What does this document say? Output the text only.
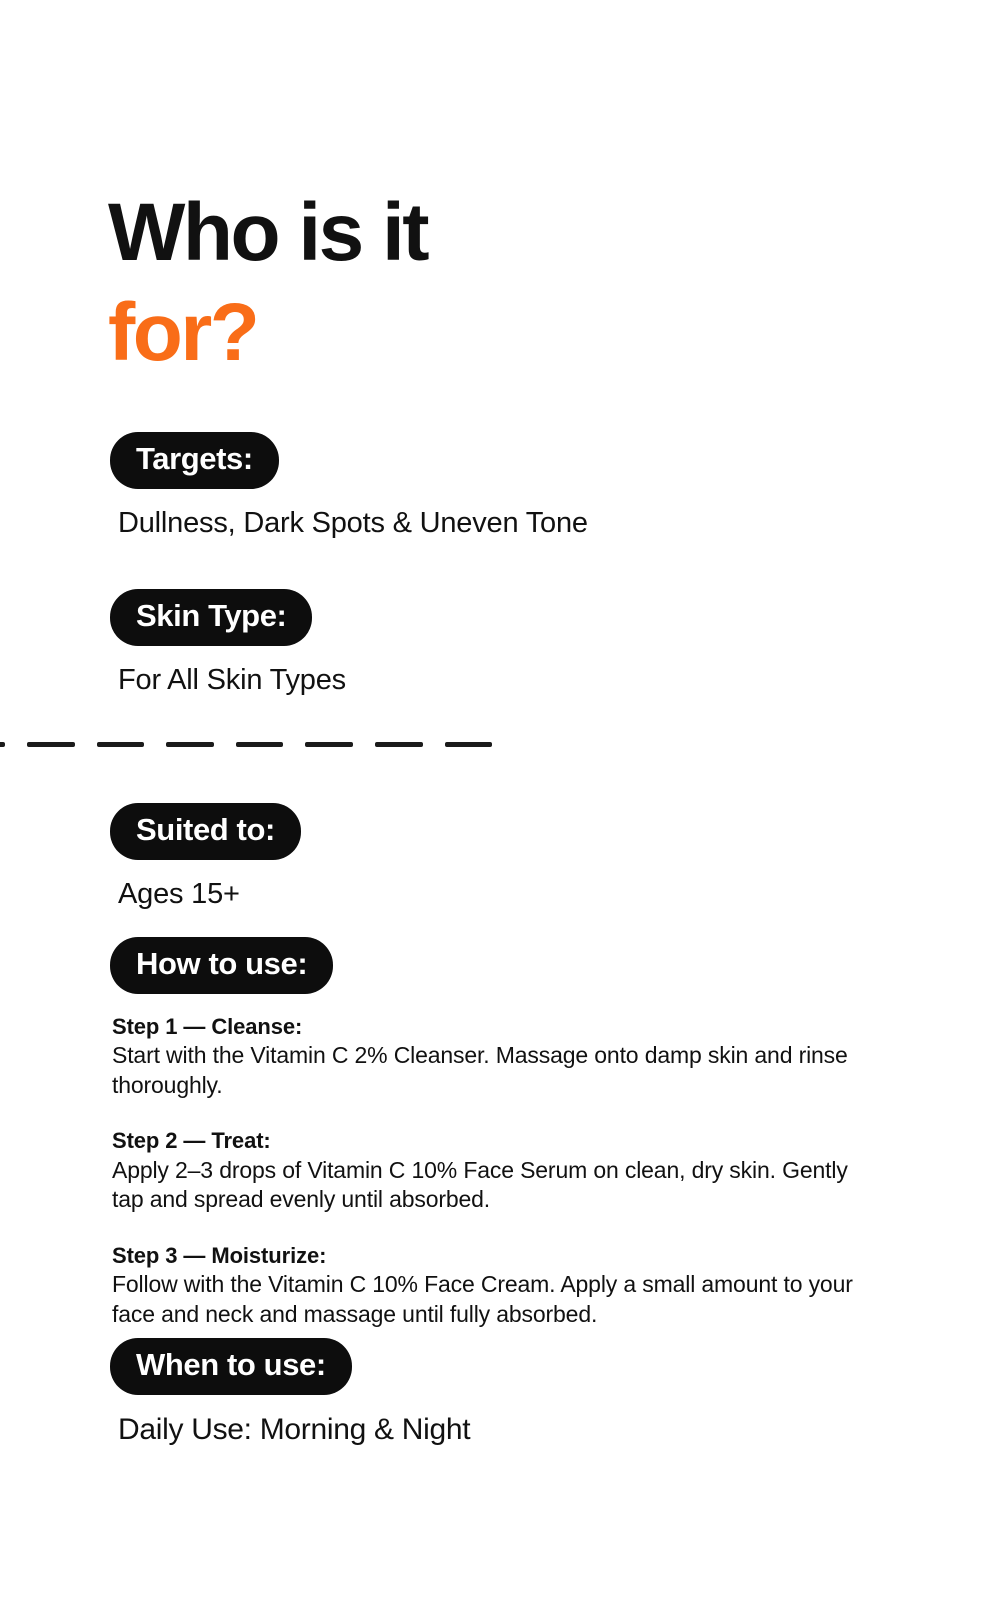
Who is it
for?
Targets:
Dullness, Dark Spots & Uneven Tone
Skin Type:
For All Skin Types
Suited to:
Ages 15+
How to use:
Step 1 — Cleanse:
Start with the Vitamin C 2% Cleanser. Massage onto damp skin and rinse thoroughly.
Step 2 — Treat:
Apply 2–3 drops of Vitamin C 10% Face Serum on clean, dry skin. Gently tap and spread evenly until absorbed.
Step 3 — Moisturize:
Follow with the Vitamin C 10% Face Cream. Apply a small amount to your face and neck and massage until fully absorbed.
When to use:
Daily Use: Morning & Night
